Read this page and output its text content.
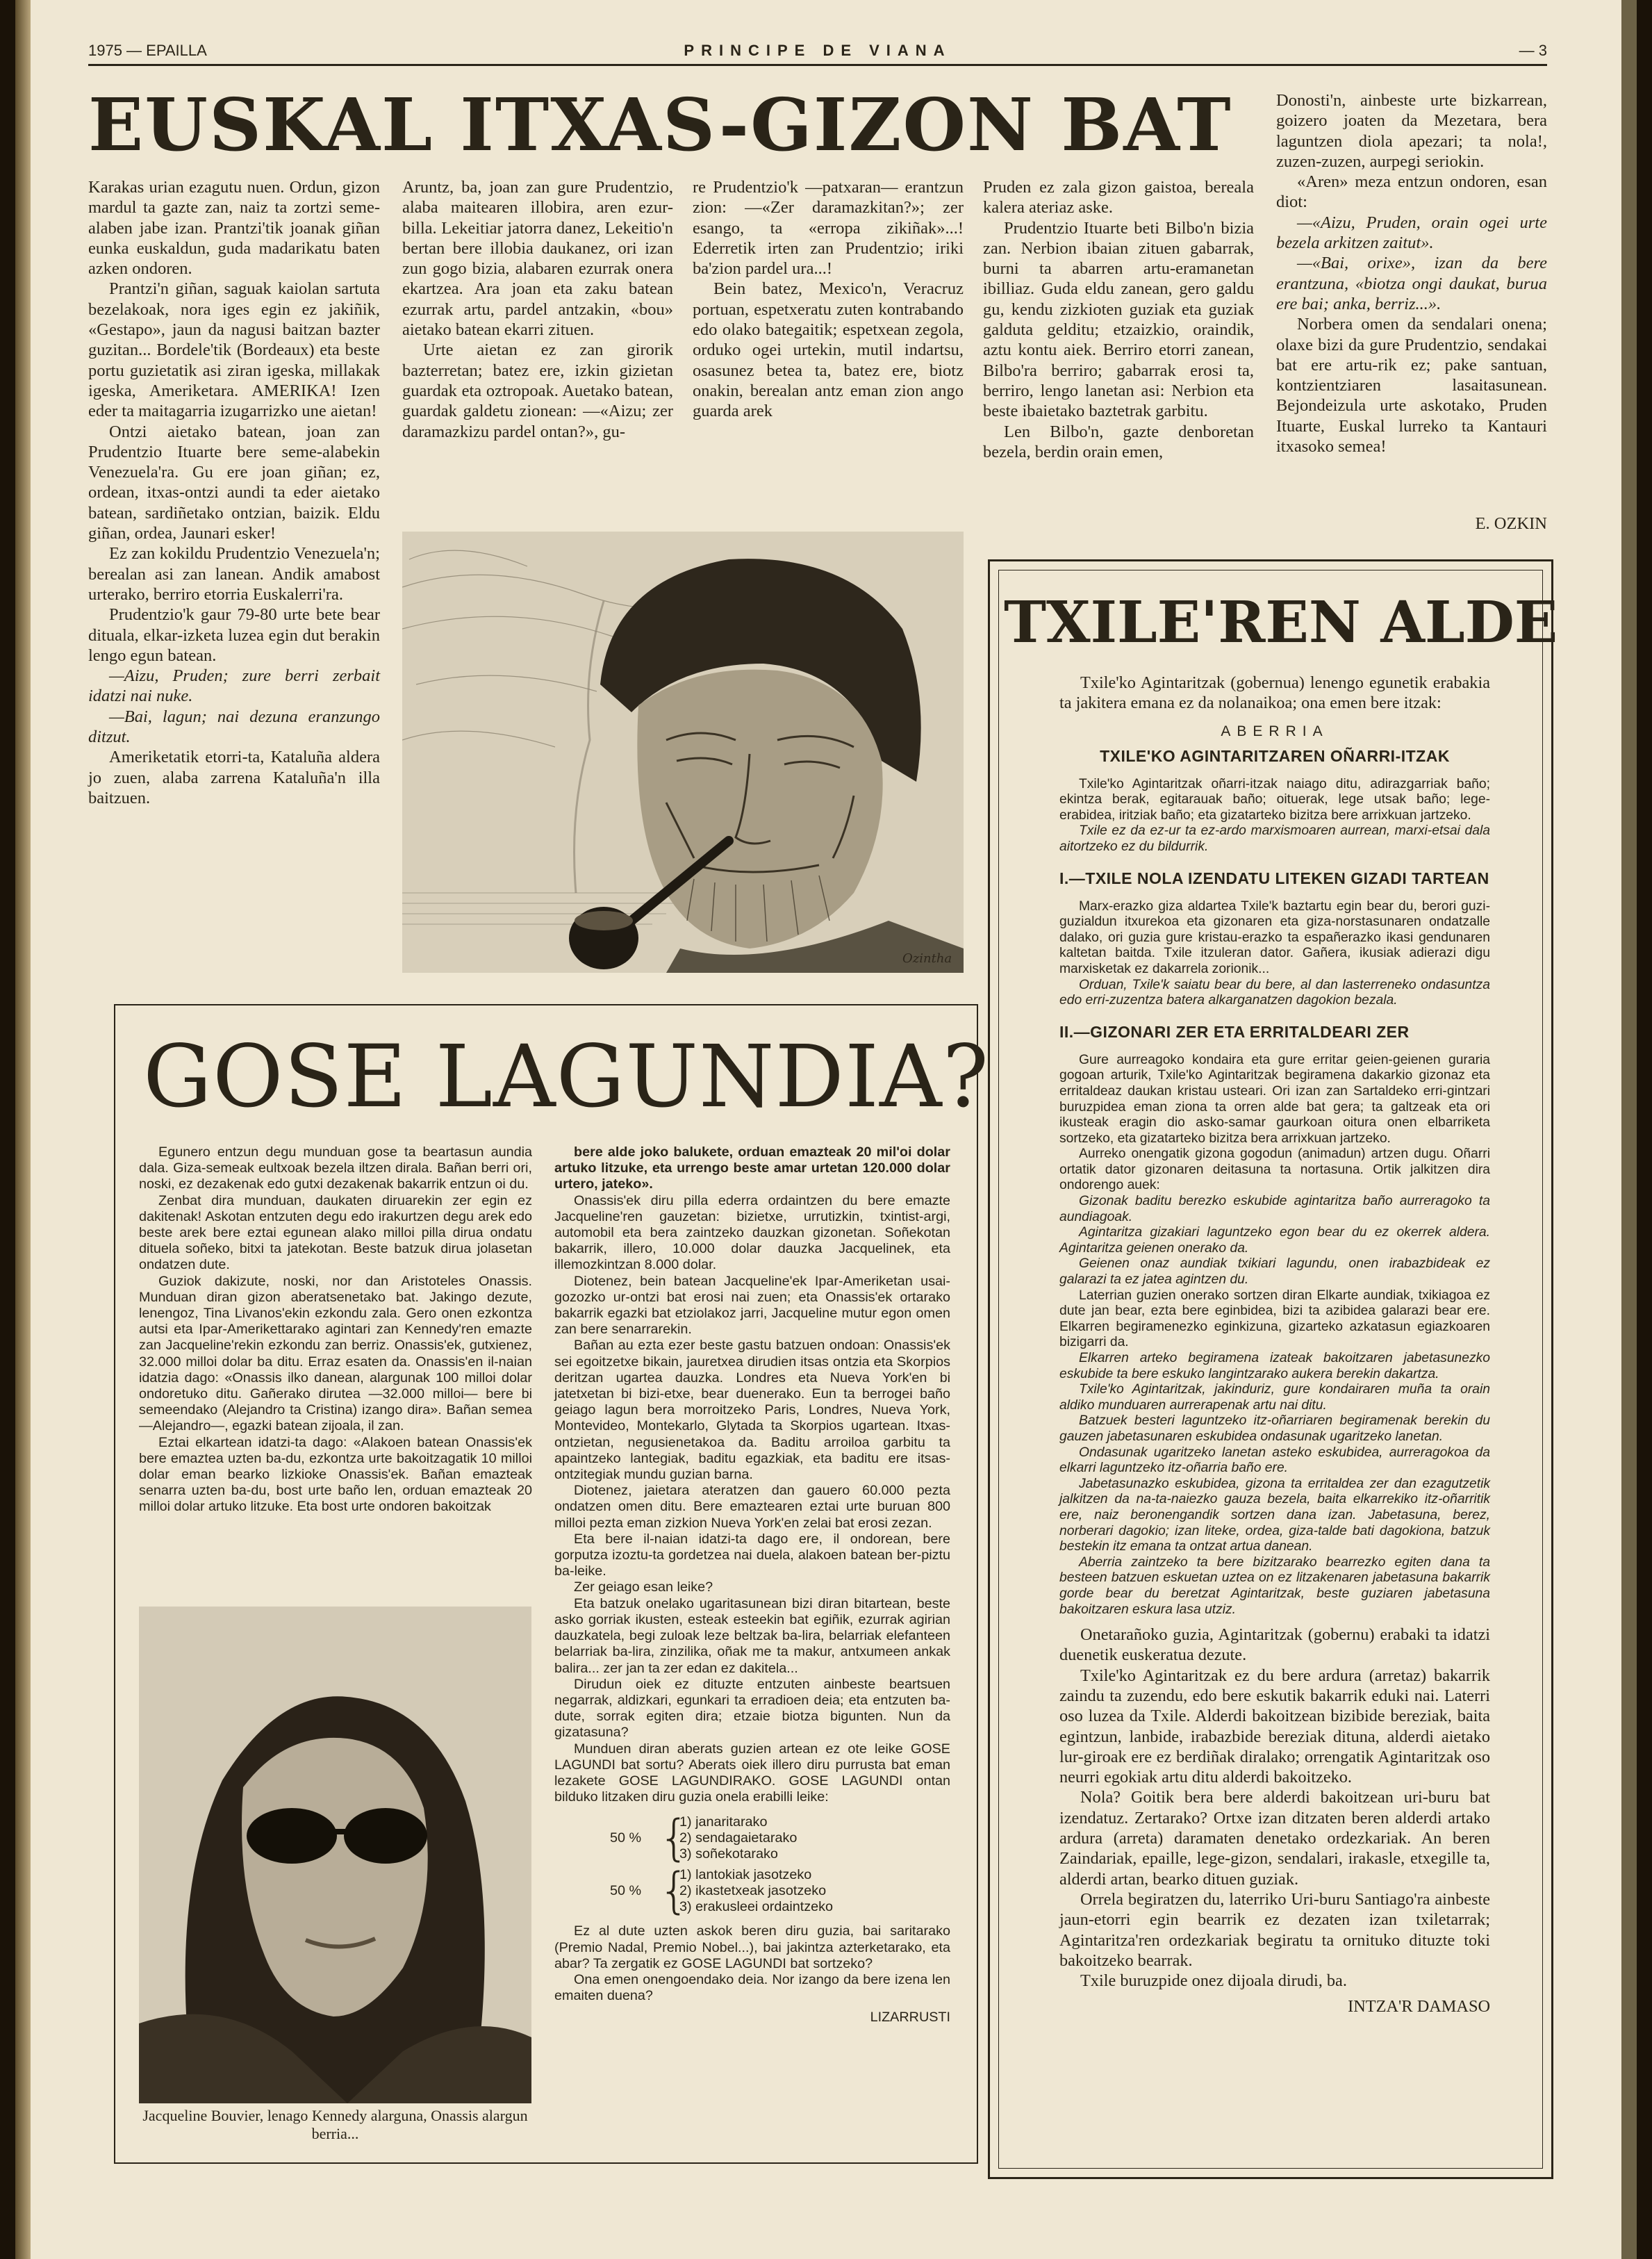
1975 — EPAILLA	PRINCIPE DE VIANA	— 3
EUSKAL ITXAS-GIZON BAT

Karakas urian ezagutu nuen. Ordun, gizon mardul ta gazte zan, naiz ta zortzi seme-alaben jabe izan. Prantzi'tik joanak giñan eunka euskaldun, guda madarikatu baten azken ondoren.

Prantzi'n giñan, saguak kaiolan sartuta bezelakoak, nora iges egin ez jakiñik, «Gestapo», jaun da nagusi baitzan bazter guzitan... Bordele'tik (Bordeaux) eta beste portu guzietatik asi ziran igeska, millakak igeska, Ameriketara. AMERIKA! Izen eder ta maitagarria izugarrizko une aietan!

Ontzi aietako batean, joan zan Prudentzio Ituarte bere seme-alabekin Venezuela'ra. Gu ere joan giñan; ez, ordean, itxas-ontzi aundi ta eder aietako batean, sardiñetako ontzian, baizik. Eldu giñan, ordea, Jaunari esker!

Ez zan kokildu Prudentzio Venezuela'n; berealan asi zan lanean. Andik amabost urterako, berriro etorria Euskalerri'ra.

Prudentzio'k gaur 79-80 urte bete bear dituala, elkar-izketa luzea egin dut berakin lengo egun batean.

—Aizu, Pruden; zure berri zerbait idatzi nai nuke.

—Bai, lagun; nai dezuna eranzungo ditzut.

Ameriketatik etorri-ta, Kataluña aldera jo zuen, alaba zarrena Kataluña'n illa baitzuen.

Aruntz, ba, joan zan gure Prudentzio, alaba maitearen illobira, aren ezur-billa. Lekeitiar jatorra danez, Lekeitio'n bertan bere illobia daukanez, ori izan zun gogo bizia, alabaren ezurrak onera ekartzea. Ara joan eta zaku batean ezurrak artu, pardel antzakin, «bou» aietako batean ekarri zituen.

Urte aietan ez zan girorik bazterretan; batez ere, izkin gizietan guardak eta oztropoak. Auetako batean, guardak galdetu zionean: —«Aizu; zer daramazkizu pardel ontan?», gu-

re Prudentzio'k —patxaran— erantzun zion: —«Zer daramazkitan?»; zer esango, ta «erropa zikiñak»...! Ederretik irten zan Prudentzio; iriki ba'zion pardel ura...!

Bein batez, Mexico'n, Veracruz portuan, espetxeratu zuten kontrabando edo olako bategaitik; espetxean zegola, orduko ogei urtekin, mutil indartsu, osasunez betea ta, batez ere, biotz onakin, berealan antz eman zion ango guarda arek

Pruden ez zala gizon gaistoa, bereala kalera ateriaz aske.

Prudentzio Ituarte beti Bilbo'n bizia zan. Nerbion ibaian zituen gabarrak, burni ta abarren artu-eramanetan ibilliaz. Guda eldu zanean, gero galdu gu, kendu zizkioten guziak eta guziak galduta gelditu; etzaizkio, oraindik, aztu kontu aiek. Berriro etorri zanean, Bilbo'ra berriro; gabarrak erosi ta, berriro, lengo lanetan asi: Nerbion eta beste ibaietako baztetrak garbitu.

Len Bilbo'n, gazte denboretan bezela, berdin orain emen,

Donosti'n, ainbeste urte bizkarrean, goizero joaten da Mezetara, bera laguntzen diola apezari; ta nola!, zuzen-zuzen, aurpegi seriokin.

«Aren» meza entzun ondoren, esan diot:

—«Aizu, Pruden, orain ogei urte bezela arkitzen zaitut».

—«Bai, orixe», izan da bere erantzuna, «biotza ongi daukat, burua ere bai; anka, berriz...».

Norbera omen da sendalari onena; olaxe bizi da gure Prudentzio, sendakai bat ere artu-rik ez; pake santuan, kontzientziaren lasaitasunean. Bejondeizula urte askotako, Pruden Ituarte, Euskal lurreko ta Kantauri itxasoko semea!

E. OZKIN

Ozintha
GOSE LAGUNDIA?

Egunero entzun degu munduan gose ta beartasun aundia dala. Giza-semeak eultxoak bezela iltzen dirala. Bañan berri ori, noski, ez dezakenak edo gutxi dezakenak bakarrik entzun oi du.

Zenbat dira munduan, daukaten diruarekin zer egin ez dakitenak! Askotan entzuten degu edo irakurtzen degu arek edo beste arek bere eztai egunean alako milloi pilla dirua ondatu dituela soñeko, bitxi ta jatekotan. Beste batzuk dirua jolasetan ondatzen dute.

Guziok dakizute, noski, nor dan Aristoteles Onassis. Munduan diran gizon aberatsenetako bat. Jakingo dezute, lenengoz, Tina Livanos'ekin ezkondu zala. Gero onen ezkontza autsi eta Ipar-Amerikettarako agintari zan Kennedy'ren emazte zan Jacqueline'rekin ezkondu zan berriz. Onassis'ek, gutxienez, 32.000 milloi dolar ba ditu. Erraz esaten da. Onassis'en il-naian idatzia dago: «Onassis ilko danean, alargunak 100 milloi dolar ondoretuko ditu. Gañerako diruteа —32.000 milloi— bere bi semeendako (Alejandro ta Cristina) izango dira». Bañan semea —Alejandro—, egazki batean zijoala, il zan.

Eztai elkartean idatzi-ta dago: «Alakoen batean Onassis'ek bere emaztea uzten ba-du, ezkontza urte bakoitzagatik 10 milloi dolar eman bearko lizkioke Onassis'ek. Bañan emazteak senarra uzten ba-du, bost urte baño len, orduan emazteak 20 milloi dolar artuko litzuke. Eta bost urte ondoren bakoitzak

bere alde joko balukete, orduan emazteak 20 mil'oi dolar artuko litzuke, eta urrengo beste amar urtetan 120.000 dolar urtero, jateko».

Onassis'ek diru pilla ederra ordaintzen du bere emazte Jacqueline'ren gauzetan: bizietxe, urrutizkin, txintist-argi, automobil eta bera zaintzeko dauzkan gizonetan. Soñekotan bakarrik, illero, 10.000 dolar dauzka Jacquelinek, eta illemozkintzan 8.000 dolar.

Diotenez, bein batean Jacqueline'ek Ipar-Ameriketan usai-gozozko ur-ontzi bat erosi nai zuen; eta Onassis'ek ortarako bakarrik egazki bat etziolakoz jarri, Jacqueline mutur egon omen zan bere senarrarekin.

Bañan au ezta ezer beste gastu batzuen ondoan: Onassis'ek sei egoitzetxe bikain, jauretxea dirudien itsas ontzia eta Skorpios deritzan ugartea dauzka. Londres eta Nueva York'en bi jatetxetan bi bizi-etxe, bear duenerako. Eun ta berrogei baño geiago lagun bera morroitzeko Paris, Londres, Nueva York, Montevideo, Montekarlo, Glytada ta Skorpios ugartean. Itxas-ontzietan, negusienetakoa da. Baditu arroiloa garbitu ta apaintzeko lantegiak, baditu egazkiak, eta baditu ere itsas-ontzitegiak mundu guzian barna.

Diotenez, jaietara ateratzen dan gauero 60.000 pezta ondatzen omen ditu. Bere emaztearen eztai urte buruan 800 milloi pezta eman zizkion Nueva York'en zelai bat erosi zezan.

Eta bere il-naian idatzi-ta dago ere, il ondorean, bere gorputza izoztu-ta gordetzea nai duela, alakoen batean ber-piztu ba-leike.

Zer geiago esan leike?

Eta batzuk onelako ugaritasunean bizi diran bitartean, beste asko gorriak ikusten, esteak esteekin bat egiñik, ezurrak agirian dauzkatela, begi zuloak leze beltzak ba-lira, belarriak elefanteen belarriak ba-lira, zinzilika, oñak me ta makur, antxumeen ankak balira... zer jan ta zer edan ez dakitela...

Dirudun oiek ez dituzte entzuten ainbeste beartsuen negarrak, aldizkari, egunkari ta erradioen deia; eta entzuten ba-dute, sorrak egiten dira; etzaie biotza bigunten. Nun da gizatasuna?

Munduen diran aberats guzien artean ez ote leike GOSE LAGUNDI bat sortu? Aberats oiek illero diru purrusta bat eman lezakete GOSE LAGUNDIRAKO. GOSE LAGUNDI ontan bilduko litzaken diru guzia onela erabilli leike:

50 % {
1) janaritarako
2) sendagaietarako
3) soñekotarako
50 % {
1) lantokiak jasotzeko
2) ikastetxeak jasotzeko
3) erakusleei ordaintzeko

Ez al dute uzten askok beren diru guzia, bai saritarako (Premio Nadal, Premio Nobel...), bai jakintza azterketarako, eta abar? Ta zergatik ez GOSE LAGUNDI bat sortzeko?

Ona emen onengoendako deia. Nor izango da bere izena len emaiten duena?

LIZARRUSTI

Jacqueline Bouvier, lenago Kennedy alarguna, Onassis alargun berria...
TXILE'REN ALDE

Txile'ko Agintaritzak (gobernua) lenengo egunetik erabakia ta jakitera emana ez da nolanaikoa; ona emen bere itzak:

ABERRIA
TXILE'KO AGINTARITZAREN OÑARRI-ITZAK

Txile'ko Agintaritzak oñarri-itzak naiago ditu, adirazgarriak baño; ekintza berak, egitarauak baño; oituerak, lege utsak baño; lege-erabidea, iritziak baño; eta gizatarteko bizitza bere arrixkuan jartzeko.

Txile ez da ez-ur ta ez-ardo marxismoaren aurrean, marxi-etsai dala aitortzeko ez du bildurrik.

I.—TXILE NOLA IZENDATU LITEKEN GIZADI TARTEAN

Marx-erazko giza aldartea Txile'k baztartu egin bear du, berori guzi-guzialdun itxurekoa eta gizonaren eta giza-norstasunaren ondatzalle dalako, ori guzia gure kristau-erazko ta españerazko ikasi gendunaren kaltetan baitda. Txile itzuleran dator. Gañera, ikusiak adierazi digu marxisketak ez dakarrela zorionik...

Orduan, Txile'k saiatu bear du bere, al dan lasterreneko ondasuntza edo erri-zuzentza batera alkarganatzen dagokion bezala.

II.—GIZONARI ZER ETA ERRITALDEARI ZER

Gure aurreagoko kondaira eta gure erritar geien-geienen guraria gogoan arturik, Txile'ko Agintaritzak begiramena dakarkio gizonaz eta erritaldeaz daukan kristau usteari. Ori izan zan Sartaldeko erri-gintzari buruzpidea eman ziona ta orren alde bat gera; ta galtzeak eta ori ikusteak eragin dio asko-samar gaurkoan oitura onen elbarriketa sortzeko, eta gizatarteko bizitza bera arrixkuan jartzeko.

Aurreko onengatik gizona gogodun (animadun) artzen dugu. Oñarri ortatik dator gizonaren deitasuna ta nortasuna. Ortik jalkitzen dira ondorengo auek:

Gizonak baditu berezko eskubide agintaritza baño aurreragoko ta aundiagoak.

Agintaritza gizakiari laguntzeko egon bear du ez okerrek aldera. Agintaritza geienen onerako da.

Geienen onaz aundiak txikiari lagundu, onen irabazbideak ez galarazi ta ez jatea agintzen du.

Laterriаn guzien onerako sortzen diran Elkarte aundiak, txikiagoa ez dute jan bear, ezta bere eginbidea, bizi ta azibidea galarazi bear ere. Elkarren begiramenezko eginkizuna, gizarteko azkatasun egiazkoaren bizigarri da.

Elkarren arteko begiramena izateak bakoitzaren jabetasunezko eskubide ta bere eskuko langintzarako aukera berekin dakartza.

Txile'ko Agintaritzak, jakinduriz, gure kondairaren muña ta orain aldiko munduaren aurrerapenak artu nai ditu.

Batzuek besteri laguntzeko itz-oñarriaren begiramenak berekin du gauzen jabetasunaren eskubidea ondasunak ugaritzeko lanetan.

Ondasunak ugaritzeko lanetan asteko eskubidea, aurreragokoa da elkarri laguntzeko itz-oñarria baño ere.

Jabetasunazko eskubidea, gizona ta erritaldea zer dan ezagutzetik jalkitzen da na-ta-naiezko gauza bezela, baita elkarrekiko itz-oñarritik ere, naiz beronengandik sortzen dana izan. Jabetasuna, berez, norberari dagokio; izan liteke, ordea, giza-talde bati dagokiona, batzuk bestekin itz emana ta ontzat artua danean.

Aberria zaintzeko ta bere bizitzarako bearrezko egiten dana ta besteen batzuen eskuetan uztea on ez litzakenaren jabetasuna bakarrik gorde bear du beretzat Agintaritzak, beste guziaren jabetasuna bakoitzaren eskura lasa utziz.

Onetarañoko guzia, Agintaritzak (gobernu) erabaki ta idatzi duenetik euskeratua dezute.

Txile'ko Agintaritzak ez du bere ardura (arretaz) bakarrik zaindu ta zuzendu, edo bere eskutik bakarrik eduki nai. Laterri oso luzea da Txile. Alderdi bakoitzean bizibide bereziak, baita egintzun, lanbide, irabazbide bereziak dituna, alderdi aietako lur-giroak ere ez berdiñak diralako; orrengatik Agintaritzak oso neurri egokiak artu ditu alderdi bakoitzeko.

Nola? Goitik bera bere alderdi bakoitzean uri-buru bat izendatuz. Zertarako? Ortxe izan ditzaten beren alderdi artako ardura (arreta) daramaten denetako ordezkariak. An beren Zaindariak, epaille, lege-gizon, sendalari, irakasle, etxegille ta, alderdi artan, bearko dituen guziak.

Orrela begiratzen du, laterriko Uri-buru Santiago'ra ainbeste jaun-etorri egin bearrik ez dezaten izan txiletarrak; Agintaritza'ren ordezkariak begiratu ta ornituko dituzte toki bakoitzeko bearrak.

Txile buruzpide onez dijoala dirudi, ba.

INTZA'R DAMASO
